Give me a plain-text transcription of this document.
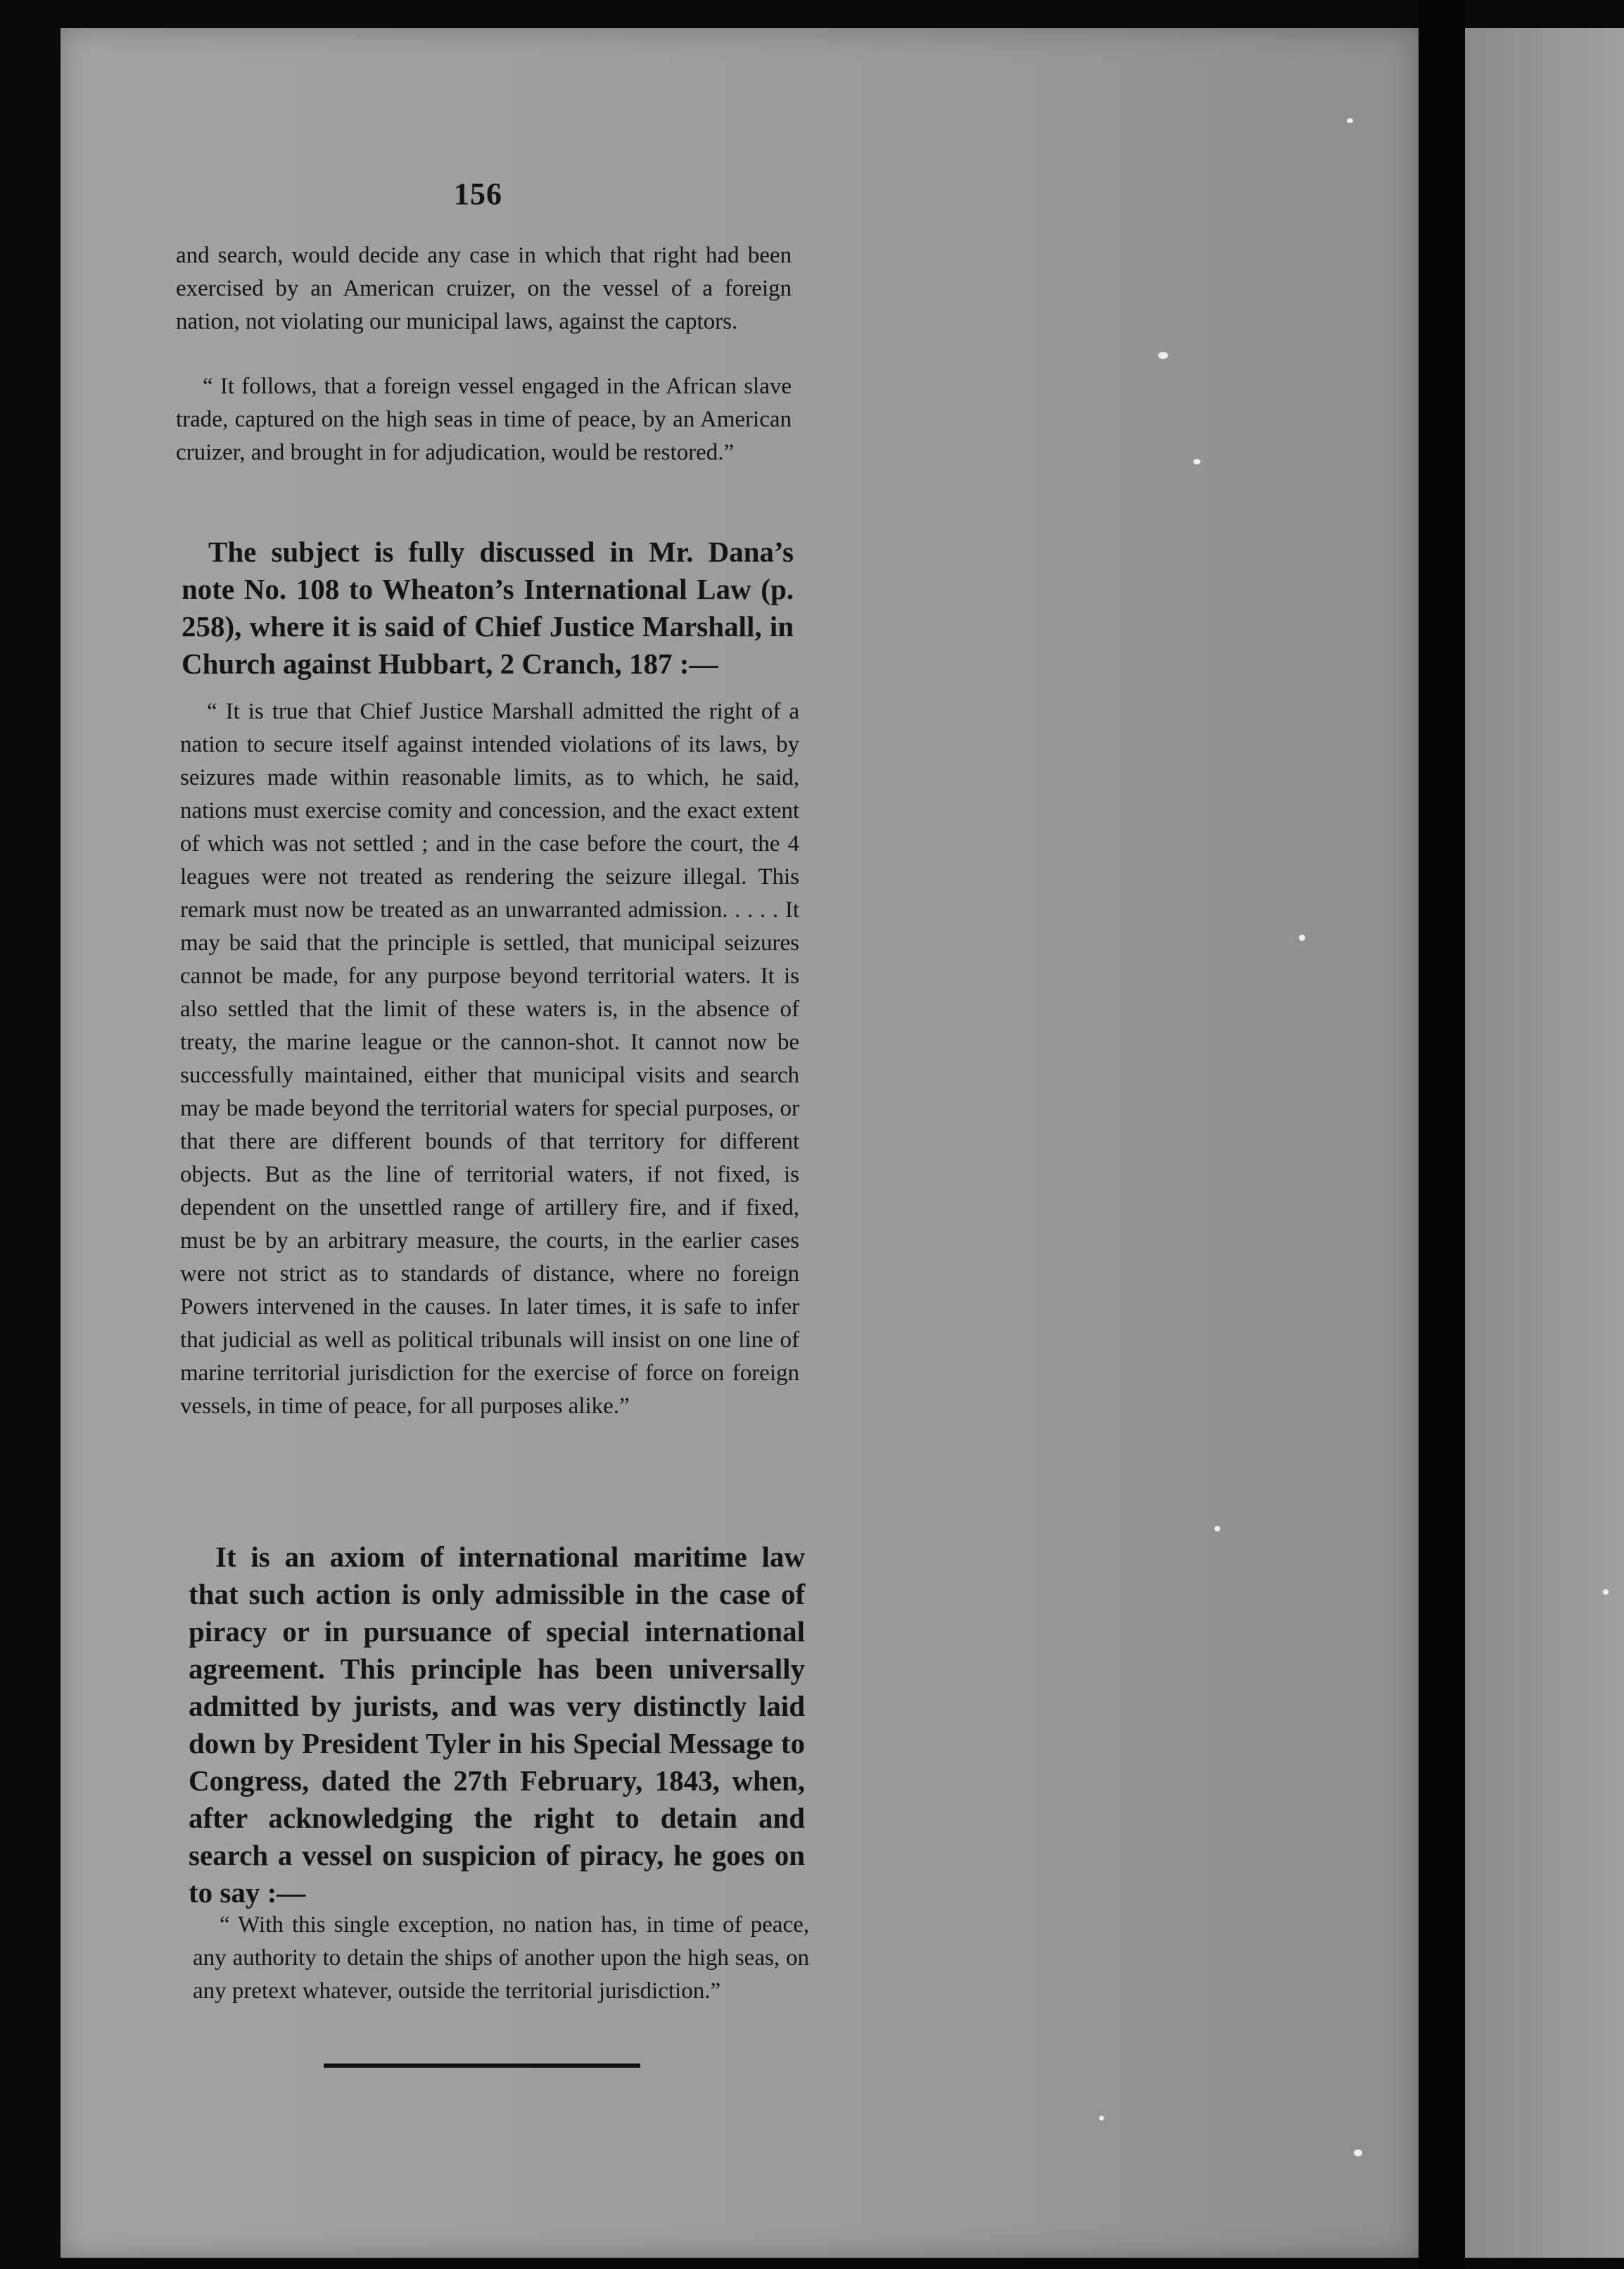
156
and search, would decide any case in which that right had been exercised by an American cruizer, on the vessel of a foreign nation, not violating our municipal laws, against the captors.
“ It follows, that a foreign vessel engaged in the African slave trade, captured on the high seas in time of peace, by an American cruizer, and brought in for adjudication, would be restored.”
The subject is fully discussed in Mr. Dana’s note No. 108 to Wheaton’s International Law (p. 258), where it is said of Chief Justice Marshall, in Church against Hubbart, 2 Cranch, 187 :—
“ It is true that Chief Justice Marshall admitted the right of a nation to secure itself against intended violations of its laws, by seizures made within reasonable limits, as to which, he said, nations must exercise comity and concession, and the exact extent of which was not settled ; and in the case before the court, the 4 leagues were not treated as rendering the seizure illegal. This remark must now be treated as an unwarranted admission. . . . . It may be said that the principle is settled, that municipal seizures cannot be made, for any purpose beyond territorial waters. It is also settled that the limit of these waters is, in the absence of treaty, the marine league or the cannon-shot. It cannot now be successfully maintained, either that municipal visits and search may be made beyond the territorial waters for special purposes, or that there are different bounds of that territory for different objects. But as the line of territorial waters, if not fixed, is dependent on the unsettled range of artillery fire, and if fixed, must be by an arbitrary measure, the courts, in the earlier cases were not strict as to standards of distance, where no foreign Powers intervened in the causes. In later times, it is safe to infer that judicial as well as political tribunals will insist on one line of marine territorial jurisdiction for the exercise of force on foreign vessels, in time of peace, for all purposes alike.”
It is an axiom of international maritime law that such action is only admissible in the case of piracy or in pursuance of special international agreement. This principle has been universally admitted by jurists, and was very distinctly laid down by President Tyler in his Special Message to Congress, dated the 27th February, 1843, when, after acknowledging the right to detain and search a vessel on suspicion of piracy, he goes on to say :—
“ With this single exception, no nation has, in time of peace, any authority to detain the ships of another upon the high seas, on any pretext whatever, outside the territorial jurisdiction.”
